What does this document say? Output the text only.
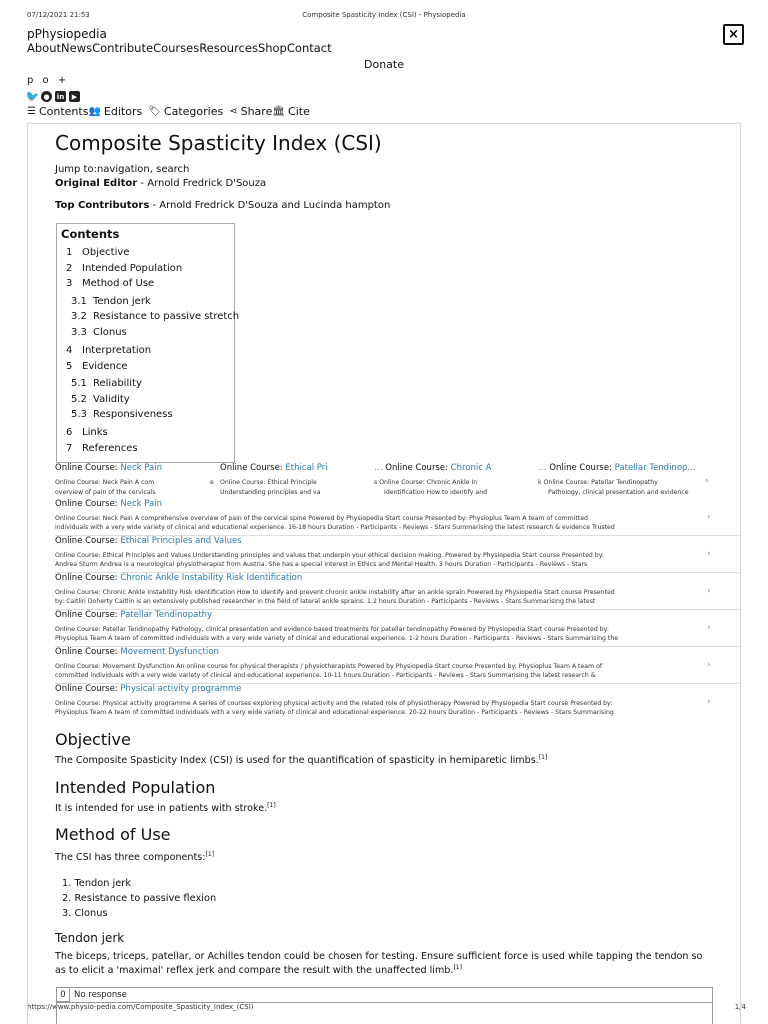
07/12/2021 21:53	Composite Spasticity Index (CSI) - Physiopedia
https://www.physio-pedia.com/Composite_Spasticity_Index_(CSI)	1/4
×
pPhysiopedia
About News Contribute Courses Resources Shop Contact
Donate
p o +
🐦 ●	in	▶
☰ Contents 👥 Editors 🏷 Categories ⋖ Share 🏛 Cite
Composite Spasticity Index (CSI)
Jump to:navigation, search
Original Editor - Arnold Fredrick D'Souza
Top Contributors - Arnold Fredrick D'Souza and Lucinda hampton
Contents
1 Objective
2 Intended Population
3 Method of Use
3.1 Tendon jerk
3.2 Resistance to passive stretch
3.3 Clonus
4 Interpretation
5 Evidence
5.1 Reliability
5.2 Validity
5.3 Responsiveness
6 Links
7 References
Online Course: Neck Pain	Online Course: Ethical Pri	... Online Course: Chronic A	... Online Course: Patellar Tendinop...
Online Course: Neck Pain A com
overview of pain of the cervicals
e Online Course: Ethical Principle
Understanding principles and va
s Online Course: Chronic Ankle In
Identification How to identify and
k Online Course: Patellar Tendinopathy
Pathology, clinical presentation and evidence
›
Online Course: Neck Pain
Online Course: Neck Pain A comprehensive overview of pain of the cervical spine Powered by Physiopedia Start course Presented by: Physioplus Team A team of committed
individuals with a very wide variety of clinical and educational experience. 16-18 hours Duration - Participants - Reviews - Stars Summarising the latest research & evidence Trusted
›
Online Course: Ethical Principles and Values
Online Course: Ethical Principles and Values Understanding principles and values that underpin your ethical decision making. Powered by Physiopedia Start course Presented by:
Andrea Sturm Andrea is a neurological physiotherapist from Austria. She has a special interest in Ethics and Mental Health. 3 hours Duration - Participants - Reviews - Stars
›
Online Course: Chronic Ankle Instability Risk Identification
Online Course: Chronic Ankle Instability Risk Identification How to identify and prevent chronic ankle instability after an ankle sprain Powered by Physiopedia Start course Presented
by: Caitlin Doherty Caitlin is an extensively published researcher in the field of lateral ankle sprains. 1.2 hours Duration - Participants - Reviews - Stars Summarising the latest
›
Online Course: Patellar Tendinopathy
Online Course: Patellar Tendinopathy Pathology, clinical presentation and evidence based treatments for patellar tendinopathy Powered by Physiopedia Start course Presented by:
Physioplus Team A team of committed individuals with a very wide variety of clinical and educational experience. 1-2 hours Duration - Participants - Reviews - Stars Summarising the
›
Online Course: Movement Dysfunction
Online Course: Movement Dysfunction An online course for physical therapists / physiotherapists Powered by Physiopedia Start course Presented by: Physioplus Team A team of
committed individuals with a very wide variety of clinical and educational experience. 10-11 hours Duration - Participants - Reviews - Stars Summarising the latest research &
›
Online Course: Physical activity programme
Online Course: Physical activity programme A series of courses exploring physical activity and the related role of physiotherapy Powered by Physiopedia Start course Presented by:
Physioplus Team A team of committed individuals with a very wide variety of clinical and educational experience. 20-22 hours Duration - Participants - Reviews - Stars Summarising
›
Objective
The Composite Spasticity Index (CSI) is used for the quantification of spasticity in hemiparetic limbs.[1]
Intended Population
It is intended for use in patients with stroke.[1]
Method of Use
The CSI has three components:[1]
1. Tendon jerk
2. Resistance to passive flexion
3. Clonus
Tendon jerk
The biceps, triceps, patellar, or Achilles tendon could be chosen for testing. Ensure sufficient force is used while tapping the tendon so
as to elicit a 'maximal' reflex jerk and compare the result with the unaffected limb.[1]
0 No response
